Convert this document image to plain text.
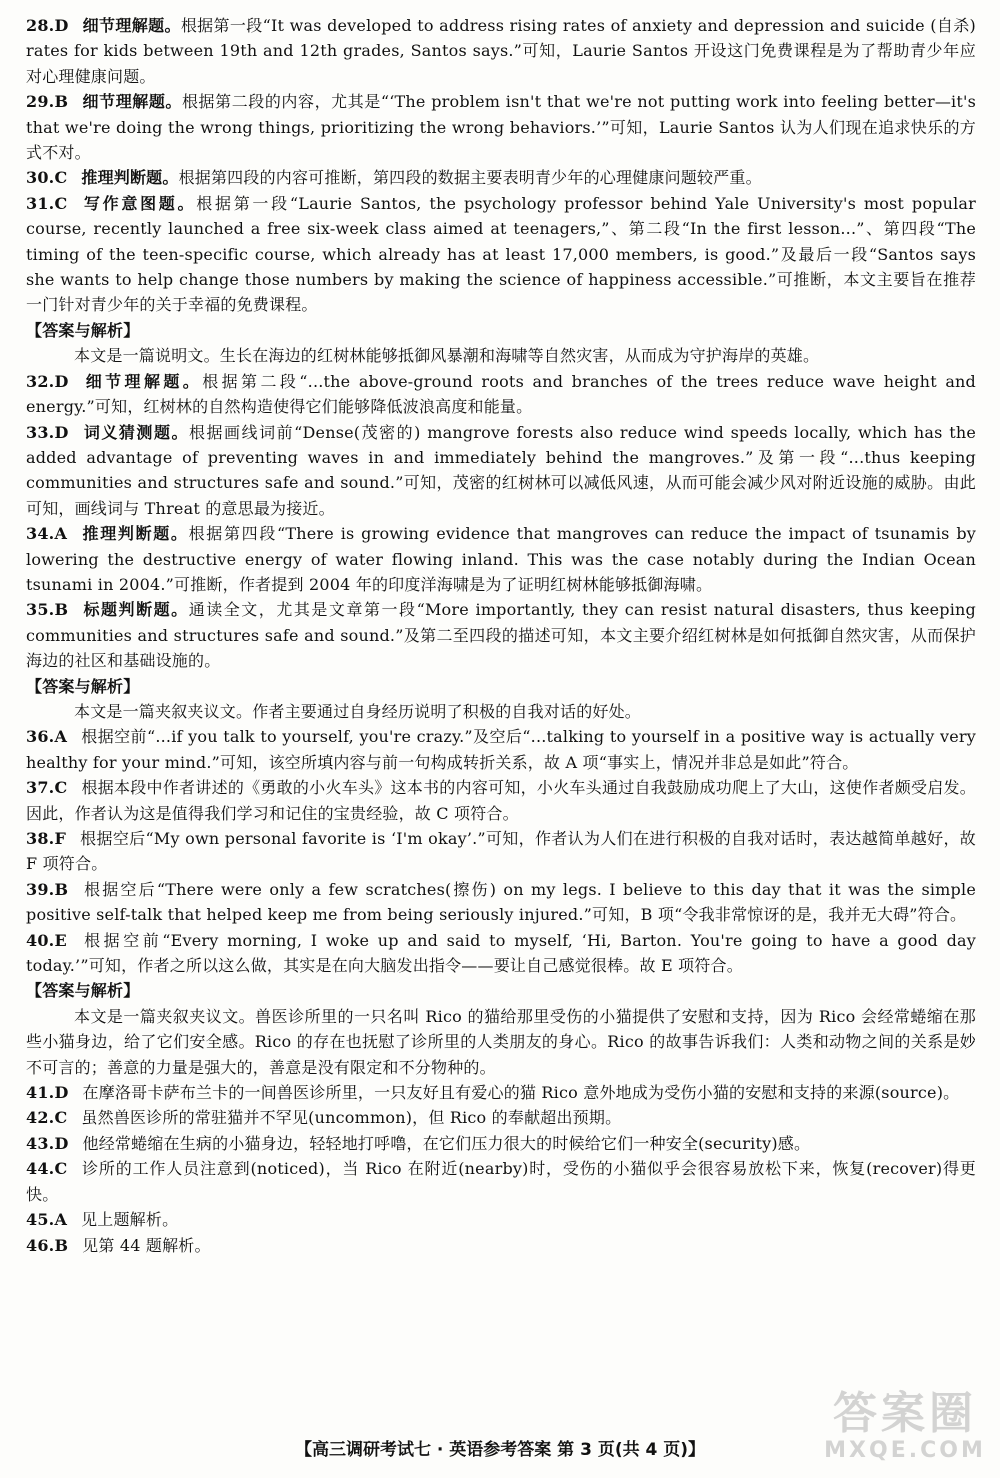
28.D 细节理解题。根据第一段“It was developed to address rising rates of anxiety and depression and suicide (自杀) rates for kids between 19th and 12th grades, Santos says.”可知，Laurie Santos 开设这门免费课程是为了帮助青少年应对心理健康问题。

29.B 细节理解题。根据第二段的内容，尤其是“‘The problem isn't that we're not putting work into feeling better—it's that we're doing the wrong things, prioritizing the wrong behaviors.’”可知，Laurie Santos 认为人们现在追求快乐的方式不对。

30.C 推理判断题。根据第四段的内容可推断，第四段的数据主要表明青少年的心理健康问题较严重。

31.C 写作意图题。根据第一段“Laurie Santos, the psychology professor behind Yale University's most popular course, recently launched a free six-week class aimed at teenagers,”、第二段“In the first lesson...”、第四段“The timing of the teen-specific course, which already has at least 17,000 members, is good.”及最后一段“Santos says she wants to help change those numbers by making the science of happiness accessible.”可推断，本文主要旨在推荐一门针对青少年的关于幸福的免费课程。

【答案与解析】

本文是一篇说明文。生长在海边的红树林能够抵御风暴潮和海啸等自然灾害，从而成为守护海岸的英雄。

32.D 细节理解题。根据第二段“...the above-ground roots and branches of the trees reduce wave height and energy.”可知，红树林的自然构造使得它们能够降低波浪高度和能量。

33.D 词义猜测题。根据画线词前“Dense(茂密的) mangrove forests also reduce wind speeds locally, which has the added advantage of preventing waves in and immediately behind the mangroves.”及第一段“...thus keeping communities and structures safe and sound.”可知，茂密的红树林可以减低风速，从而可能会减少风对附近设施的威胁。由此可知，画线词与 Threat 的意思最为接近。

34.A 推理判断题。根据第四段“There is growing evidence that mangroves can reduce the impact of tsunamis by lowering the destructive energy of water flowing inland. This was the case notably during the Indian Ocean tsunami in 2004.”可推断，作者提到 2004 年的印度洋海啸是为了证明红树林能够抵御海啸。

35.B 标题判断题。通读全文，尤其是文章第一段“More importantly, they can resist natural disasters, thus keeping communities and structures safe and sound.”及第二至四段的描述可知，本文主要介绍红树林是如何抵御自然灾害，从而保护海边的社区和基础设施的。

【答案与解析】

本文是一篇夹叙夹议文。作者主要通过自身经历说明了积极的自我对话的好处。

36.A 根据空前“...if you talk to yourself, you're crazy.”及空后“...talking to yourself in a positive way is actually very healthy for your mind.”可知，该空所填内容与前一句构成转折关系，故 A 项“事实上，情况并非总是如此”符合。

37.C 根据本段中作者讲述的《勇敢的小火车头》这本书的内容可知，小火车头通过自我鼓励成功爬上了大山，这使作者颇受启发。因此，作者认为这是值得我们学习和记住的宝贵经验，故 C 项符合。

38.F 根据空后“My own personal favorite is ‘I'm okay’.”可知，作者认为人们在进行积极的自我对话时，表达越简单越好，故 F 项符合。

39.B 根据空后“There were only a few scratches(擦伤) on my legs. I believe to this day that it was the simple positive self-talk that helped keep me from being seriously injured.”可知，B 项“令我非常惊讶的是，我并无大碍”符合。

40.E 根据空前“Every morning, I woke up and said to myself, ‘Hi, Barton. You're going to have a good day today.’”可知，作者之所以这么做，其实是在向大脑发出指令——要让自己感觉很棒。故 E 项符合。

【答案与解析】

本文是一篇夹叙夹议文。兽医诊所里的一只名叫 Rico 的猫给那里受伤的小猫提供了安慰和支持，因为 Rico 会经常蜷缩在那些小猫身边，给了它们安全感。Rico 的存在也抚慰了诊所里的人类朋友的身心。Rico 的故事告诉我们：人类和动物之间的关系是妙不可言的；善意的力量是强大的，善意是没有限定和不分物种的。

41.D 在摩洛哥卡萨布兰卡的一间兽医诊所里，一只友好且有爱心的猫 Rico 意外地成为受伤小猫的安慰和支持的来源(source)。

42.C 虽然兽医诊所的常驻猫并不罕见(uncommon)，但 Rico 的奉献超出预期。

43.D 他经常蜷缩在生病的小猫身边，轻轻地打呼噜，在它们压力很大的时候给它们一种安全(security)感。

44.C 诊所的工作人员注意到(noticed)，当 Rico 在附近(nearby)时，受伤的小猫似乎会很容易放松下来，恢复(recover)得更快。

45.A 见上题解析。

46.B 见第 44 题解析。

【高三调研考试七 · 英语参考答案 第 3 页(共 4 页)】
答案圈
MXQE.COM
